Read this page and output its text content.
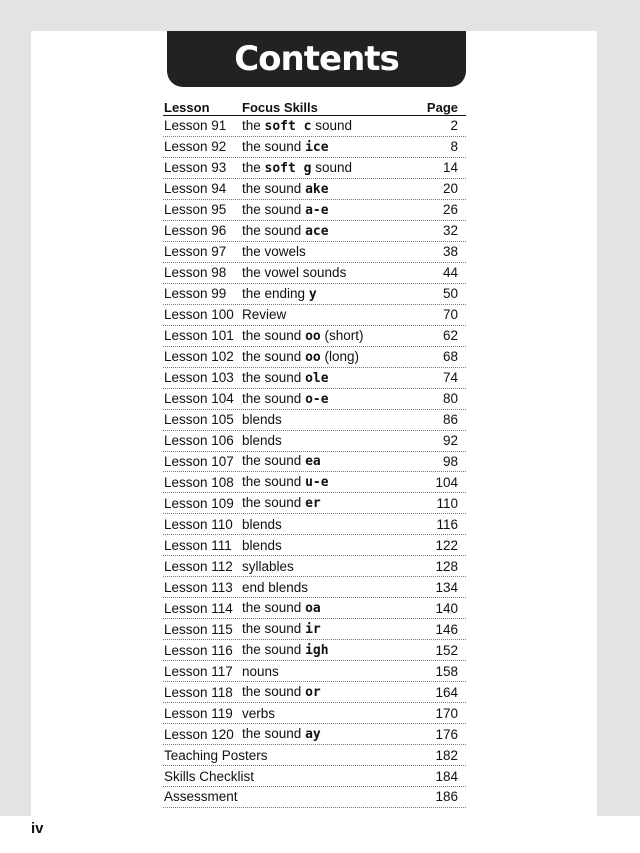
Contents
Lesson	Focus Skills	Page
Lesson 91	the soft c sound	2
Lesson 92	the sound ice	8
Lesson 93	the soft g sound	14
Lesson 94	the sound ake	20
Lesson 95	the sound a-e	26
Lesson 96	the sound ace	32
Lesson 97	the vowels	38
Lesson 98	the vowel sounds	44
Lesson 99	the ending y	50
Lesson 100 Review	70
Lesson 101 the sound oo (short)	62
Lesson 102 the sound oo (long)	68
Lesson 103 the sound ole	74
Lesson 104 the sound o-e	80
Lesson 105 blends	86
Lesson 106 blends	92
Lesson 107 the sound ea	98
Lesson 108 the sound u-e	104
Lesson 109 the sound er	110
Lesson 110 blends	116
Lesson 111 blends	122
Lesson 112 syllables	128
Lesson 113 end blends	134
Lesson 114 the sound oa	140
Lesson 115 the sound ir	146
Lesson 116 the sound igh	152
Lesson 117 nouns	158
Lesson 118 the sound or	164
Lesson 119 verbs	170
Lesson 120 the sound ay	176
Teaching Posters	182
Skills Checklist	184
Assessment	186
iv
